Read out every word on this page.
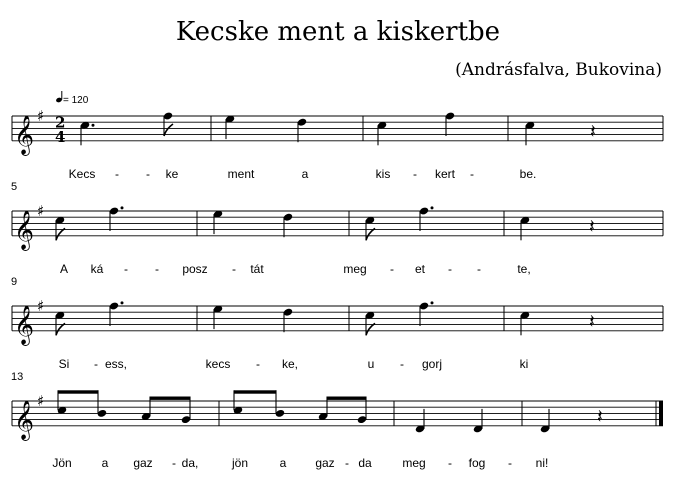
Kecske ment a kiskertbe
(Andrásfalva, Bukovina)
= 120
𝄞 ♯ 2
4	𝄽
Kecs - - ke	ment	a	kis - kert -	be.
𝄞 ♯
5
𝄽
A ká - - posz - tát	meg - et - -	te,
𝄞 ♯
9
𝄽
Si - ess,	kecs - ke,	u - gorj	ki
𝄞 ♯
13
𝄽
Jön a gaz - da,	jön	a gaz - da	meg - fog - ni!
